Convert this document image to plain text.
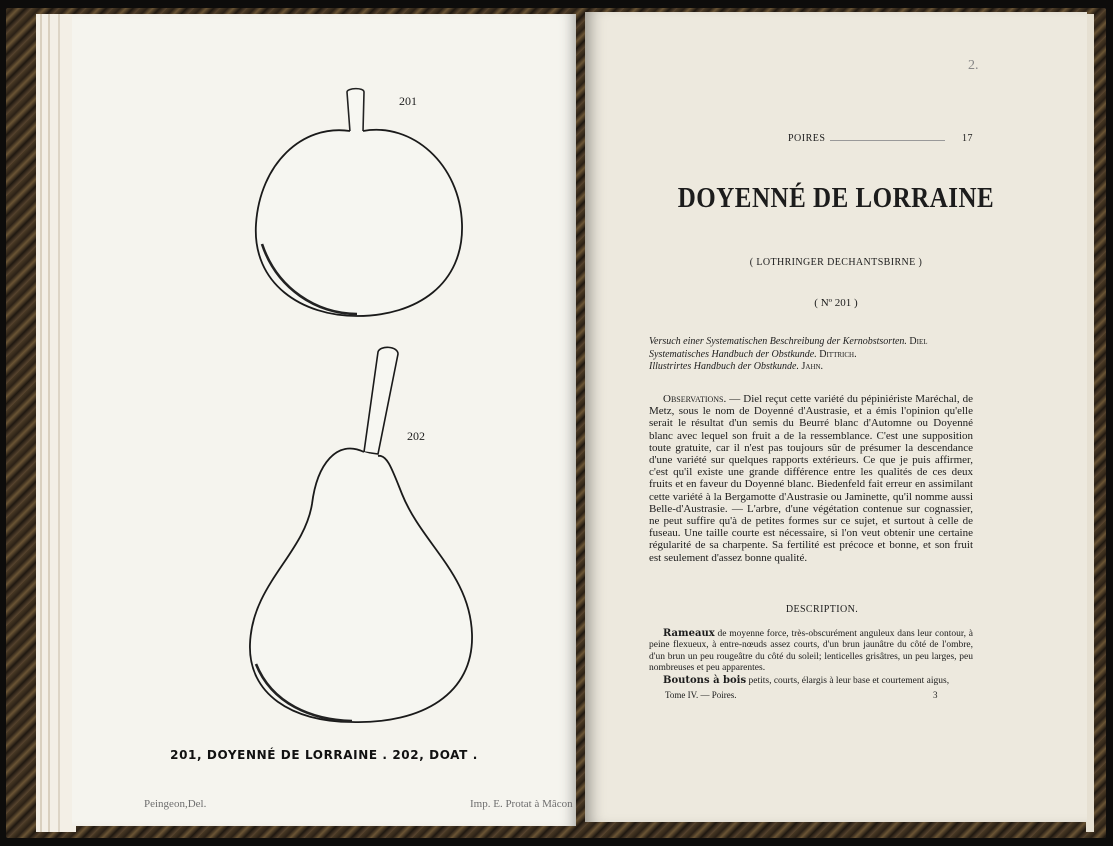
201
202
201, DOYENNÉ DE LORRAINE . 202, DOAT .
Peingeon,Del.	Imp. E. Protat à Mâcon
POIRES	17
DOYENNÉ DE LORRAINE
( LOTHRINGER DECHANTSBIRNE )
( Nº 201 )
Versuch einer Systematischen Beschreibung der Kernobstsorten. Diel
Systematisches Handbuch der Obstkunde. Dittrich.
Illustrirtes Handbuch der Obstkunde. Jahn.
Observations. — Diel reçut cette variété du pépiniériste Maréchal, de Metz, sous le nom de Doyenné d'Austrasie, et a émis l'opinion qu'elle serait le résultat d'un semis du Beurré blanc d'Automne ou Doyenné blanc avec lequel son fruit a de la ressemblance. C'est une supposition toute gratuite, car il n'est pas toujours sûr de présumer la descendance d'une variété sur quelques rapports extérieurs. Ce que je puis affirmer, c'est qu'il existe une grande différence entre les qualités de ces deux fruits et en faveur du Doyenné blanc. Biedenfeld fait erreur en assimilant cette variété à la Bergamotte d'Austrasie ou Jaminette, qu'il nomme aussi Belle-d'Austrasie. — L'arbre, d'une végétation contenue sur cognassier, ne peut suffire qu'à de petites formes sur ce sujet, et surtout à celle de fuseau. Une taille courte est nécessaire, si l'on veut obtenir une certaine régularité de sa charpente. Sa fertilité est précoce et bonne, et son fruit est seulement d'assez bonne qualité.
DESCRIPTION.
Rameaux de moyenne force, très-obscurément anguleux dans leur contour, à peine flexueux, à entre-nœuds assez courts, d'un brun jaunâtre du côté de l'ombre, d'un brun un peu rougeâtre du côté du soleil; lenticelles grisâtres, un peu larges, peu nombreuses et peu apparentes.
Boutons à bois petits, courts, élargis à leur base et courtement aigus,
Tome IV. — Poires.	3
2.
